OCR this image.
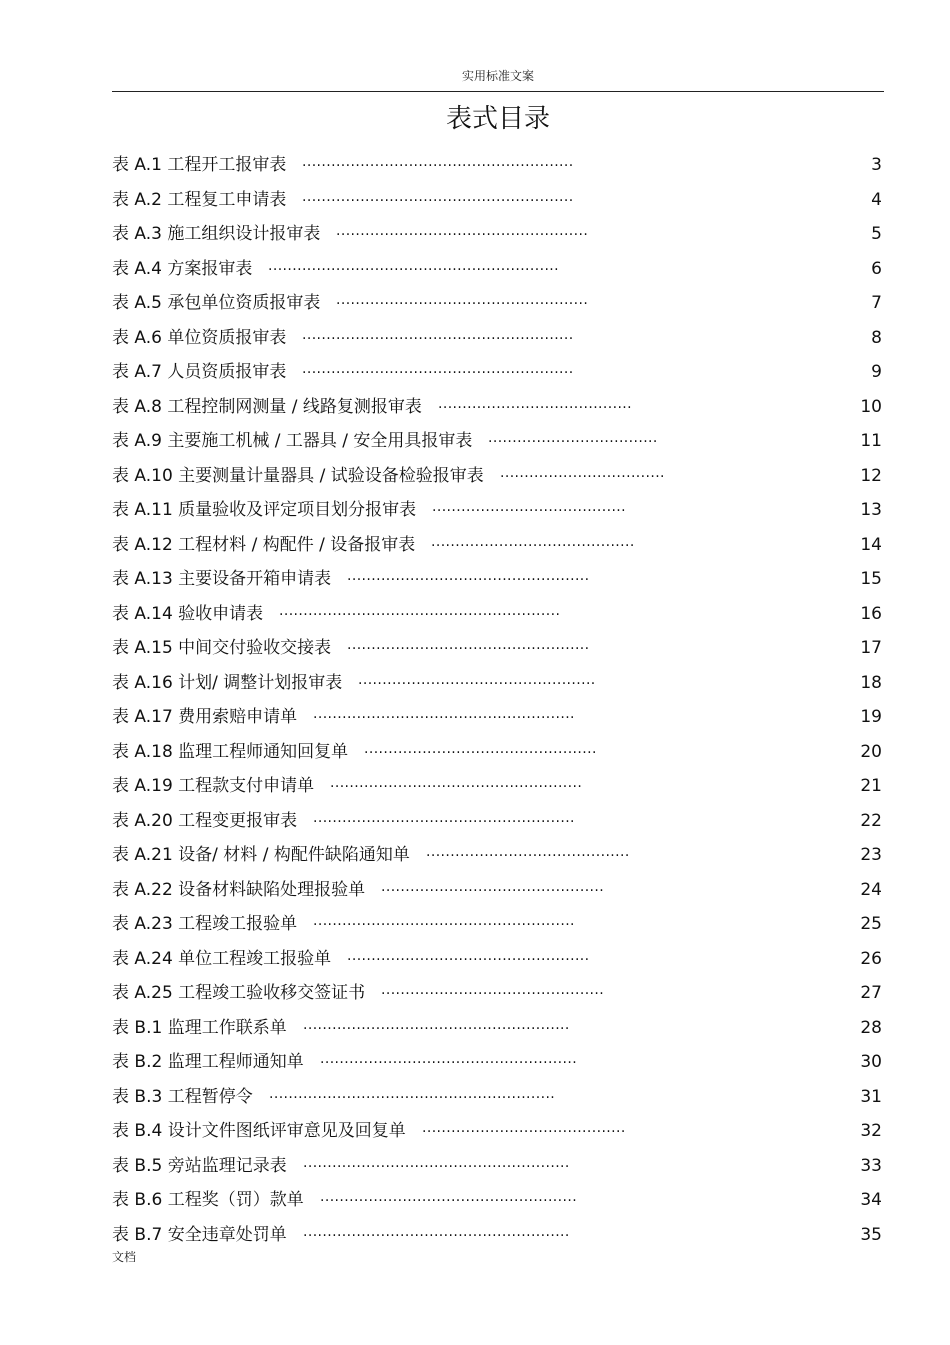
实用标准文案
表式目录
表 A.1 工程开工报审表 ........................................................	3
表 A.2 工程复工申请表 ........................................................	4
表 A.3 施工组织设计报审表 ....................................................	5
表 A.4 方案报审表 ............................................................	6
表 A.5 承包单位资质报审表 ....................................................	7
表 A.6 单位资质报审表 ........................................................	8
表 A.7 人员资质报审表 ........................................................	9
表 A.8 工程控制网测量 / 线路复测报审表 ........................................	10
表 A.9 主要施工机械 / 工器具 / 安全用具报审表 ...................................	11
表 A.10 主要测量计量器具 / 试验设备检验报审表 ..................................	12
表 A.11 质量验收及评定项目划分报审表 ........................................	13
表 A.12 工程材料 / 构配件 / 设备报审表 ..........................................	14
表 A.13 主要设备开箱申请表 ..................................................	15
表 A.14 验收申请表 ..........................................................	16
表 A.15 中间交付验收交接表 ..................................................	17
表 A.16 计划/ 调整计划报审表 .................................................	18
表 A.17 费用索赔申请单 ......................................................	19
表 A.18 监理工程师通知回复单 ................................................	20
表 A.19 工程款支付申请单 ....................................................	21
表 A.20 工程变更报审表 ......................................................	22
表 A.21 设备/ 材料 / 构配件缺陷通知单 ..........................................	23
表 A.22 设备材料缺陷处理报验单 ..............................................	24
表 A.23 工程竣工报验单 ......................................................	25
表 A.24 单位工程竣工报验单 ..................................................	26
表 A.25 工程竣工验收移交签证书 ..............................................	27
表 B.1 监理工作联系单 .......................................................	28
表 B.2 监理工程师通知单 .....................................................	30
表 B.3 工程暂停令 ...........................................................	31
表 B.4 设计文件图纸评审意见及回复单 ..........................................	32
表 B.5 旁站监理记录表 .......................................................	33
表 B.6 工程奖（罚）款单 .....................................................	34
表 B.7 安全违章处罚单 .......................................................	35
文档
